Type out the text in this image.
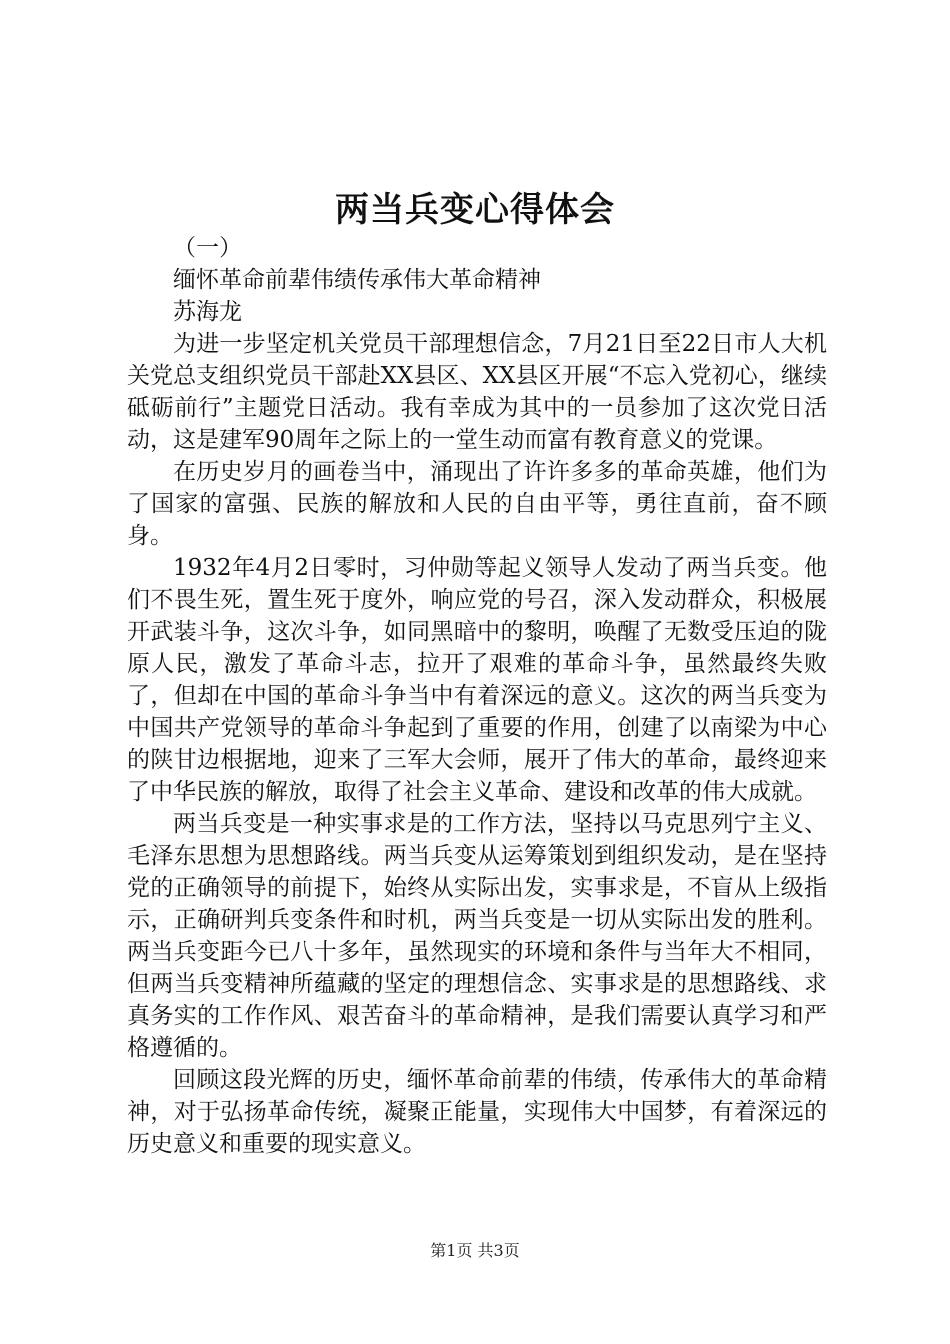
两当兵变心得体会

（一）

缅怀革命前辈伟绩传承伟大革命精神

苏海龙

为进一步坚定机关党员干部理想信念，7月21日至22日市人大机关党总支组织党员干部赴XX县区、XX县区开展“不忘入党初心，继续砥砺前行”主题党日活动。我有幸成为其中的一员参加了这次党日活动，这是建军90周年之际上的一堂生动而富有教育意义的党课。

在历史岁月的画卷当中，涌现出了许许多多的革命英雄，他们为了国家的富强、民族的解放和人民的自由平等，勇往直前，奋不顾身。

1932年4月2日零时，习仲勋等起义领导人发动了两当兵变。他们不畏生死，置生死于度外，响应党的号召，深入发动群众，积极展开武装斗争，这次斗争，如同黑暗中的黎明，唤醒了无数受压迫的陇原人民，激发了革命斗志，拉开了艰难的革命斗争，虽然最终失败了，但却在中国的革命斗争当中有着深远的意义。这次的两当兵变为中国共产党领导的革命斗争起到了重要的作用，创建了以南梁为中心的陕甘边根据地，迎来了三军大会师，展开了伟大的革命，最终迎来了中华民族的解放，取得了社会主义革命、建设和改革的伟大成就。

两当兵变是一种实事求是的工作方法，坚持以马克思列宁主义、毛泽东思想为思想路线。两当兵变从运筹策划到组织发动，是在坚持党的正确领导的前提下，始终从实际出发，实事求是，不盲从上级指示，正确研判兵变条件和时机，两当兵变是一切从实际出发的胜利。两当兵变距今已八十多年，虽然现实的环境和条件与当年大不相同，但两当兵变精神所蕴藏的坚定的理想信念、实事求是的思想路线、求真务实的工作作风、艰苦奋斗的革命精神，是我们需要认真学习和严格遵循的。

回顾这段光辉的历史，缅怀革命前辈的伟绩，传承伟大的革命精神，对于弘扬革命传统，凝聚正能量，实现伟大中国梦，有着深远的历史意义和重要的现实意义。

第1页 共3页
